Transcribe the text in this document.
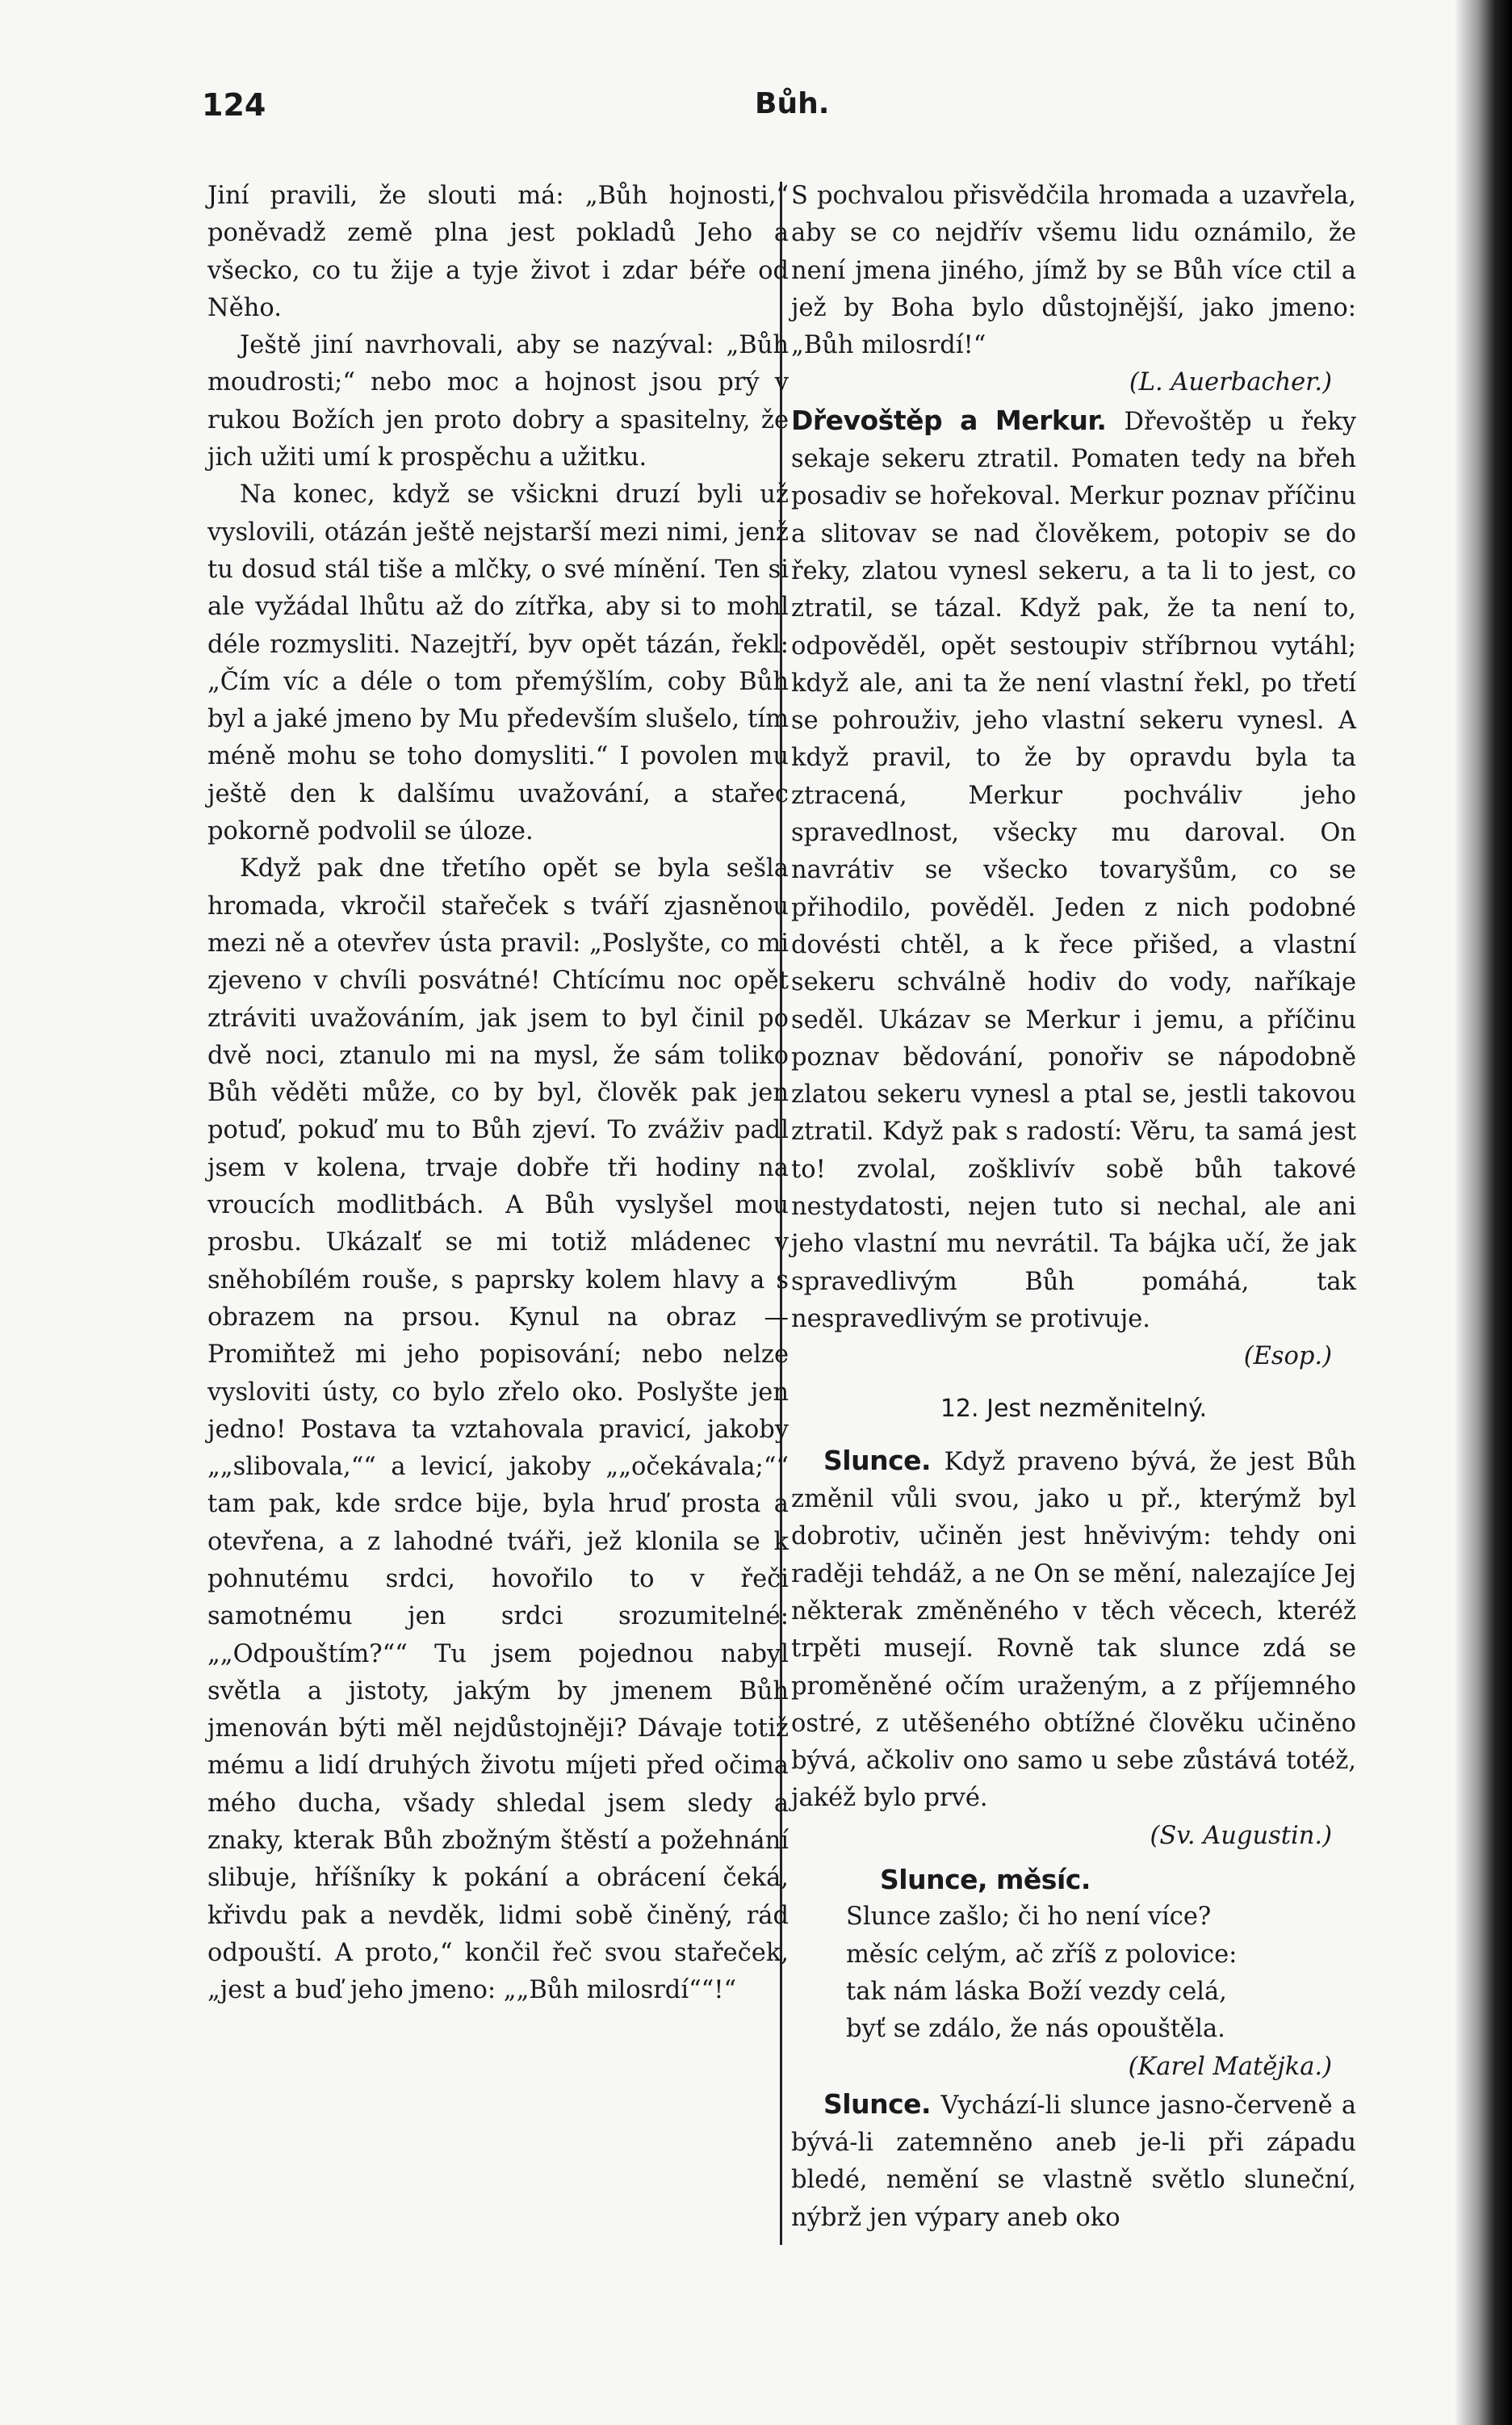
124	Bůh.

Jiní pravili, že slouti má: „Bůh hojnosti,“ poněvadž země plna jest pokladů Jeho a všecko, co tu žije a tyje život i zdar béře od Něho.

Ještě jiní navrhovali, aby se nazýval: „Bůh moudrosti;“ nebo moc a hojnost jsou prý v rukou Božích jen proto dobry a spasitelny, že jich užiti umí k prospěchu a užitku.

Na konec, když se všickni druzí byli už vyslovili, otázán ještě nejstarší mezi nimi, jenž tu dosud stál tiše a mlčky, o své mínění. Ten si ale vyžádal lhůtu až do zítřka, aby si to mohl déle rozmysliti. Nazejtří, byv opět tázán, řekl: „Čím víc a déle o tom přemýšlím, coby Bůh byl a jaké jmeno by Mu především slušelo, tím méně mohu se toho domysliti.“ I povolen mu ještě den k dalšímu uvažování, a stařec pokorně podvolil se úloze.

Když pak dne třetího opět se byla sešla hromada, vkročil stařeček s tváří zjasněnou mezi ně a otevřev ústa pravil: „Poslyšte, co mi zjeveno v chvíli posvátné! Chtícímu noc opět ztráviti uvažováním, jak jsem to byl činil po dvě noci, ztanulo mi na mysl, že sám toliko Bůh věděti může, co by byl, člověk pak jen potuď, pokuď mu to Bůh zjeví. To zváživ padl jsem v kolena, trvaje dobře tři hodiny na vroucích modlitbách. A Bůh vyslyšel mou prosbu. Ukázalť se mi totiž mládenec v sněhobílém rouše, s paprsky kolem hlavy a s obrazem na prsou. Kynul na obraz — Promiňtež mi jeho popisování; nebo nelze vysloviti ústy, co bylo zřelo oko. Poslyšte jen jedno! Postava ta vztahovala pravicí, jakoby „„slibovala,““ a levicí, jakoby „„očekávala;““ tam pak, kde srdce bije, byla hruď prosta a otevřena, a z lahodné tváři, jež klonila se k pohnutému srdci, hovořilo to v řeči samotnému jen srdci srozumitelné: „„Odpouštím?““ Tu jsem pojednou nabyl světla a jistoty, jakým by jmenem Bůh jmenován býti měl nejdůstojněji? Dávaje totiž mému a lidí druhých životu míjeti před očima mého ducha, všady shledal jsem sledy a znaky, kterak Bůh zbožným štěstí a požehnání slibuje, hříšníky k pokání a obrácení čeká, křivdu pak a nevděk, lidmi sobě činěný, rád odpouští. A proto,“ končil řeč svou stařeček, „jest a buď jeho jmeno: „„Bůh milosrdí““!“

S pochvalou přisvědčila hromada a uzavřela, aby se co nejdřív všemu lidu oznámilo, že není jmena jiného, jímž by se Bůh více ctil a jež by Boha bylo důstojnější, jako jmeno: „Bůh milosrdí!“

(L. Auerbacher.)

Dřevoštěp a Merkur. Dřevoštěp u řeky sekaje sekeru ztratil. Pomaten tedy na břeh posadiv se hořekoval. Merkur poznav příčinu a slitovav se nad člověkem, potopiv se do řeky, zlatou vynesl sekeru, a ta li to jest, co ztratil, se tázal. Když pak, že ta není to, odpověděl, opět sestoupiv stříbrnou vytáhl; když ale, ani ta že není vlastní řekl, po třetí se pohrouživ, jeho vlastní sekeru vynesl. A když pravil, to že by opravdu byla ta ztracená, Merkur pochváliv jeho spravedlnost, všecky mu daroval. On navrátiv se všecko tovaryšům, co se přihodilo, pověděl. Jeden z nich podobné dovésti chtěl, a k řece přišed, a vlastní sekeru schválně hodiv do vody, naříkaje seděl. Ukázav se Merkur i jemu, a příčinu poznav bědování, ponořiv se nápodobně zlatou sekeru vynesl a ptal se, jestli takovou ztratil. Když pak s radostí: Věru, ta samá jest to! zvolal, zošklivív sobě bůh takové nestydatosti, nejen tuto si nechal, ale ani jeho vlastní mu nevrátil. Ta bájka učí, že jak spravedlivým Bůh pomáhá, tak nespravedlivým se protivuje.

(Esop.)
12. Jest nezměnitelný.

Slunce. Když praveno bývá, že jest Bůh změnil vůli svou, jako u př., kterýmž byl dobrotiv, učiněn jest hněvivým: tehdy oni raději tehdáž, a ne On se mění, nalezajíce Jej některak změněného v těch věcech, kteréž trpěti musejí. Rovně tak slunce zdá se proměněné očím uraženým, a z příjemného ostré, z utěšeného obtížné člověku učiněno bývá, ačkoliv ono samo u sebe zůstává totéž, jakéž bylo prvé.

(Sv. Augustin.)
Slunce, měsíc.
Slunce zašlo; či ho není více?
měsíc celým, ač zříš z polovice:
tak nám láska Boží vezdy celá,
byť se zdálo, že nás opouštěla.
(Karel Matějka.)

Slunce. Vychází-li slunce jasno-červeně a bývá-li zatemněno aneb je-li při západu bledé, nemění se vlastně světlo sluneční, nýbrž jen výpary aneb oko
